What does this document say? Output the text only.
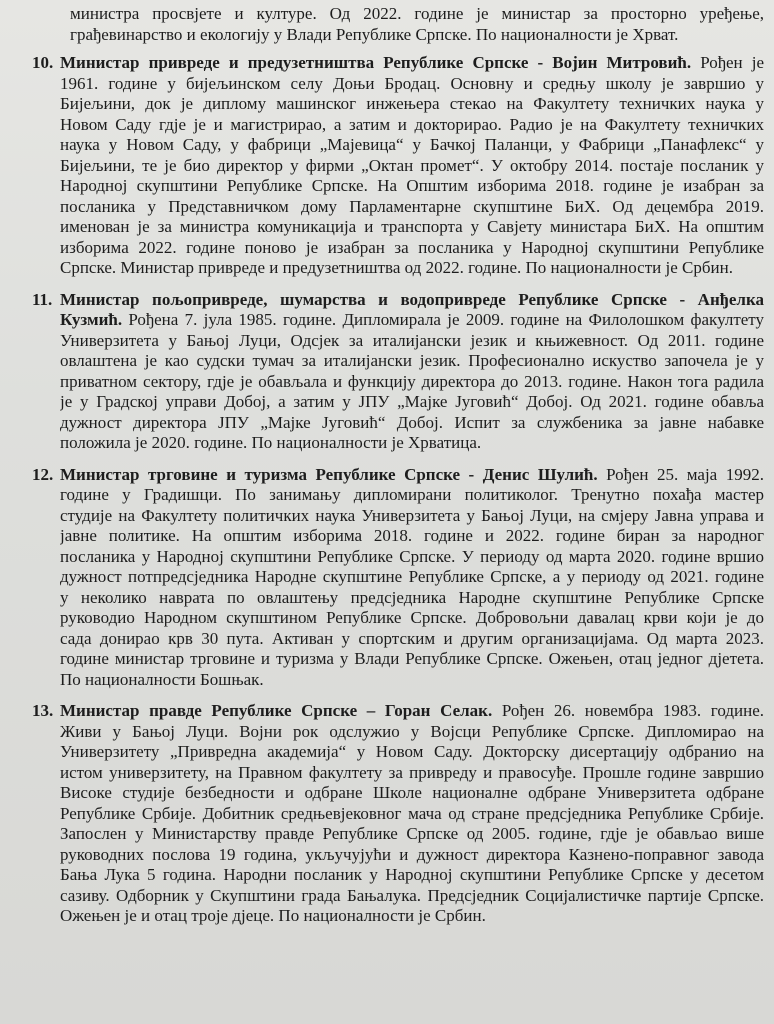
министра просвјете и културе. Од 2022. године је министар за просторно уређење,
грађевинарство и екологију у Влади Републике Српске. По националности је Хрват.
10. Министар привреде и предузетништва Републике Српске - Војин Митровић. Рођен је
1961. године у бијељинском селу Доњи Бродац. Основну и средњу школу је завршио у
Бијељини, док је диплому машинског инжењера стекао на Факултету техничких наука у
Новом Саду гдје је и магистрирао, а затим и докторирао. Радио је на Факултету техничких
наука у Новом Саду, у фабрици „Мајевица“ у Бачкој Паланци, у Фабрици „Панафлекс“ у
Бијељини, те је био директор у фирми „Октан промет“. У октобру 2014. постаје посланик у
Народној скупштини Републике Српске. На Општим изборима 2018. године је изабран за
посланика у Представничком дому Парламентарне скупштине БиХ. Од децембра 2019.
именован је за министра комуникација и транспорта у Савјету министара БиХ. На општим
изборима 2022. године поново је изабран за посланика у Народној скупштини Републике
Српске. Министар привреде и предузетништва од 2022. године. По националности је Србин.
11. Министар пољопривреде, шумарства и водопривреде Републике Српске - Анђелка
Кузмић. Рођена 7. јула 1985. године. Дипломирала је 2009. године на Филолошком факултету
Универзитета у Бањој Луци, Одсјек за италијански језик и књижевност. Од 2011. године
овлаштена је као судски тумач за италијански језик. Професионално искуство започела је у
приватном сектору, гдје је обављала и функцију директора до 2013. године. Након тога радила
је у Градској управи Добој, а затим у ЈПУ „Мајке Југовић“ Добој. Од 2021. године обавља
дужност директора ЈПУ „Мајке Југовић“ Добој. Испит за службеника за јавне набавке
положила је 2020. године. По националности је Хрватица.
12. Министар трговине и туризма Републике Српске - Денис Шулић. Рођен 25. маја 1992.
године у Градишци. По занимању дипломирани политиколог. Тренутно похађа мастер
студије на Факултету политичких наука Универзитета у Бањој Луци, на смјеру Јавна управа и
јавне политике. На општим изборима 2018. године и 2022. године биран за народног
посланика у Народној скупштини Републике Српске. У периоду од марта 2020. године вршио
дужност потпредсједника Народне скупштине Републике Српске, а у периоду од 2021. године
у неколико наврата по овлаштењу предсједника Народне скупштине Републике Српске
руководио Народном скупштином Републике Српске. Добровољни давалац крви који је до
сада донирао крв 30 пута. Активан у спортским и другим организацијама. Од марта 2023.
године министар трговине и туризма у Влади Републике Српске. Ожењен, отац једног дјетета.
По националности Бошњак.
13. Министар правде Републике Српске – Горан Селак. Рођен 26. новембра 1983. године.
Живи у Бањој Луци. Војни рок одслужио у Војсци Републике Српске. Дипломирао на
Универзитету „Привредна академија“ у Новом Саду. Докторску дисертацију одбранио на
истом универзитету, на Правном факултету за привреду и правосуђе. Прошле године завршио
Високе студије безбедности и одбране Школе националне одбране Универзитета одбране
Републике Србије. Добитник средњевјековног мача од стране предсједника Републике Србије.
Запослен у Министарству правде Републике Српске од 2005. године, гдје је обављао више
руководних послова 19 година, укључујући и дужност директора Казнено-поправног завода
Бања Лука 5 година. Народни посланик у Народној скупштини Републике Српске у десетом
сазиву. Одборник у Скупштини града Бањалука. Предсједник Социјалистичке партије Српске.
Ожењен је и отац троје дјеце. По националности је Србин.
